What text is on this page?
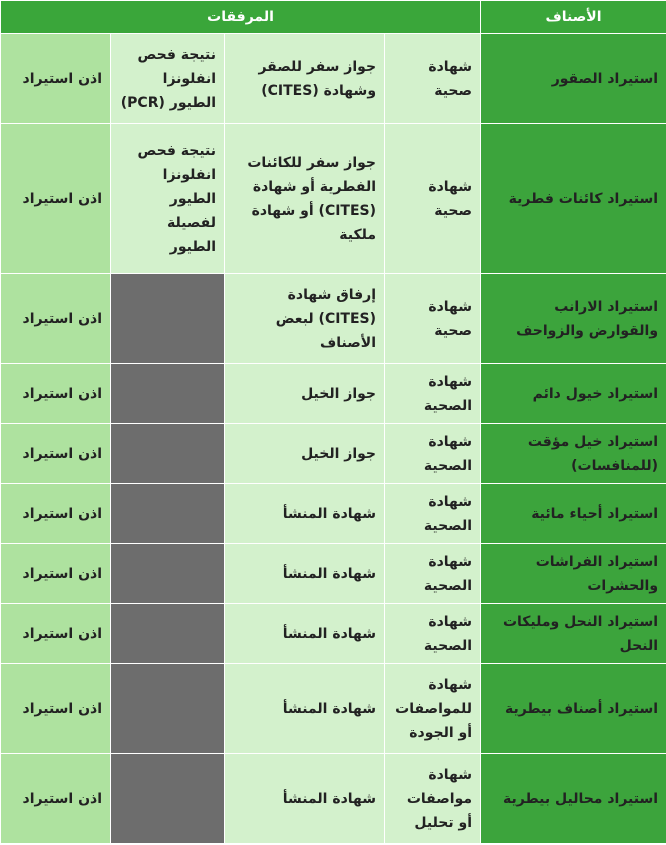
الأصناف	المرفقات			
استيراد الصقور	شهادة صحية	جواز سفر للصقر وشهادة (CITES)	نتيجة فحص انفلونزا الطيور (PCR)	اذن استيراد
استيراد كائنات فطرية	شهادة صحية	جواز سفر للكائنات الفطرية أو شهادة (CITES) أو شهادة ملكية	نتيجة فحص انفلونزا الطيور لفصيلة الطيور	اذن استيراد
استيراد الارانب والقوارض والزواحف	شهادة صحية	إرفاق شهادة (CITES) لبعض الأصناف		اذن استيراد
استيراد خيول دائم	شهادة الصحية	جواز الخيل		اذن استيراد
استيراد خيل مؤقت (للمنافسات)	شهادة الصحية	جواز الخيل		اذن استيراد
استيراد أحياء مائية	شهادة الصحية	شهادة المنشأ		اذن استيراد
استيراد الفراشات والحشرات	شهادة الصحية	شهادة المنشأ		اذن استيراد
استيراد النحل ومليكات النحل	شهادة الصحية	شهادة المنشأ		اذن استيراد
استيراد أصناف بيطرية	شهادة للمواصفات أو الجودة	شهادة المنشأ		اذن استيراد
استيراد محاليل بيطرية	شهادة مواصفات أو تحليل	شهادة المنشأ		اذن استيراد
